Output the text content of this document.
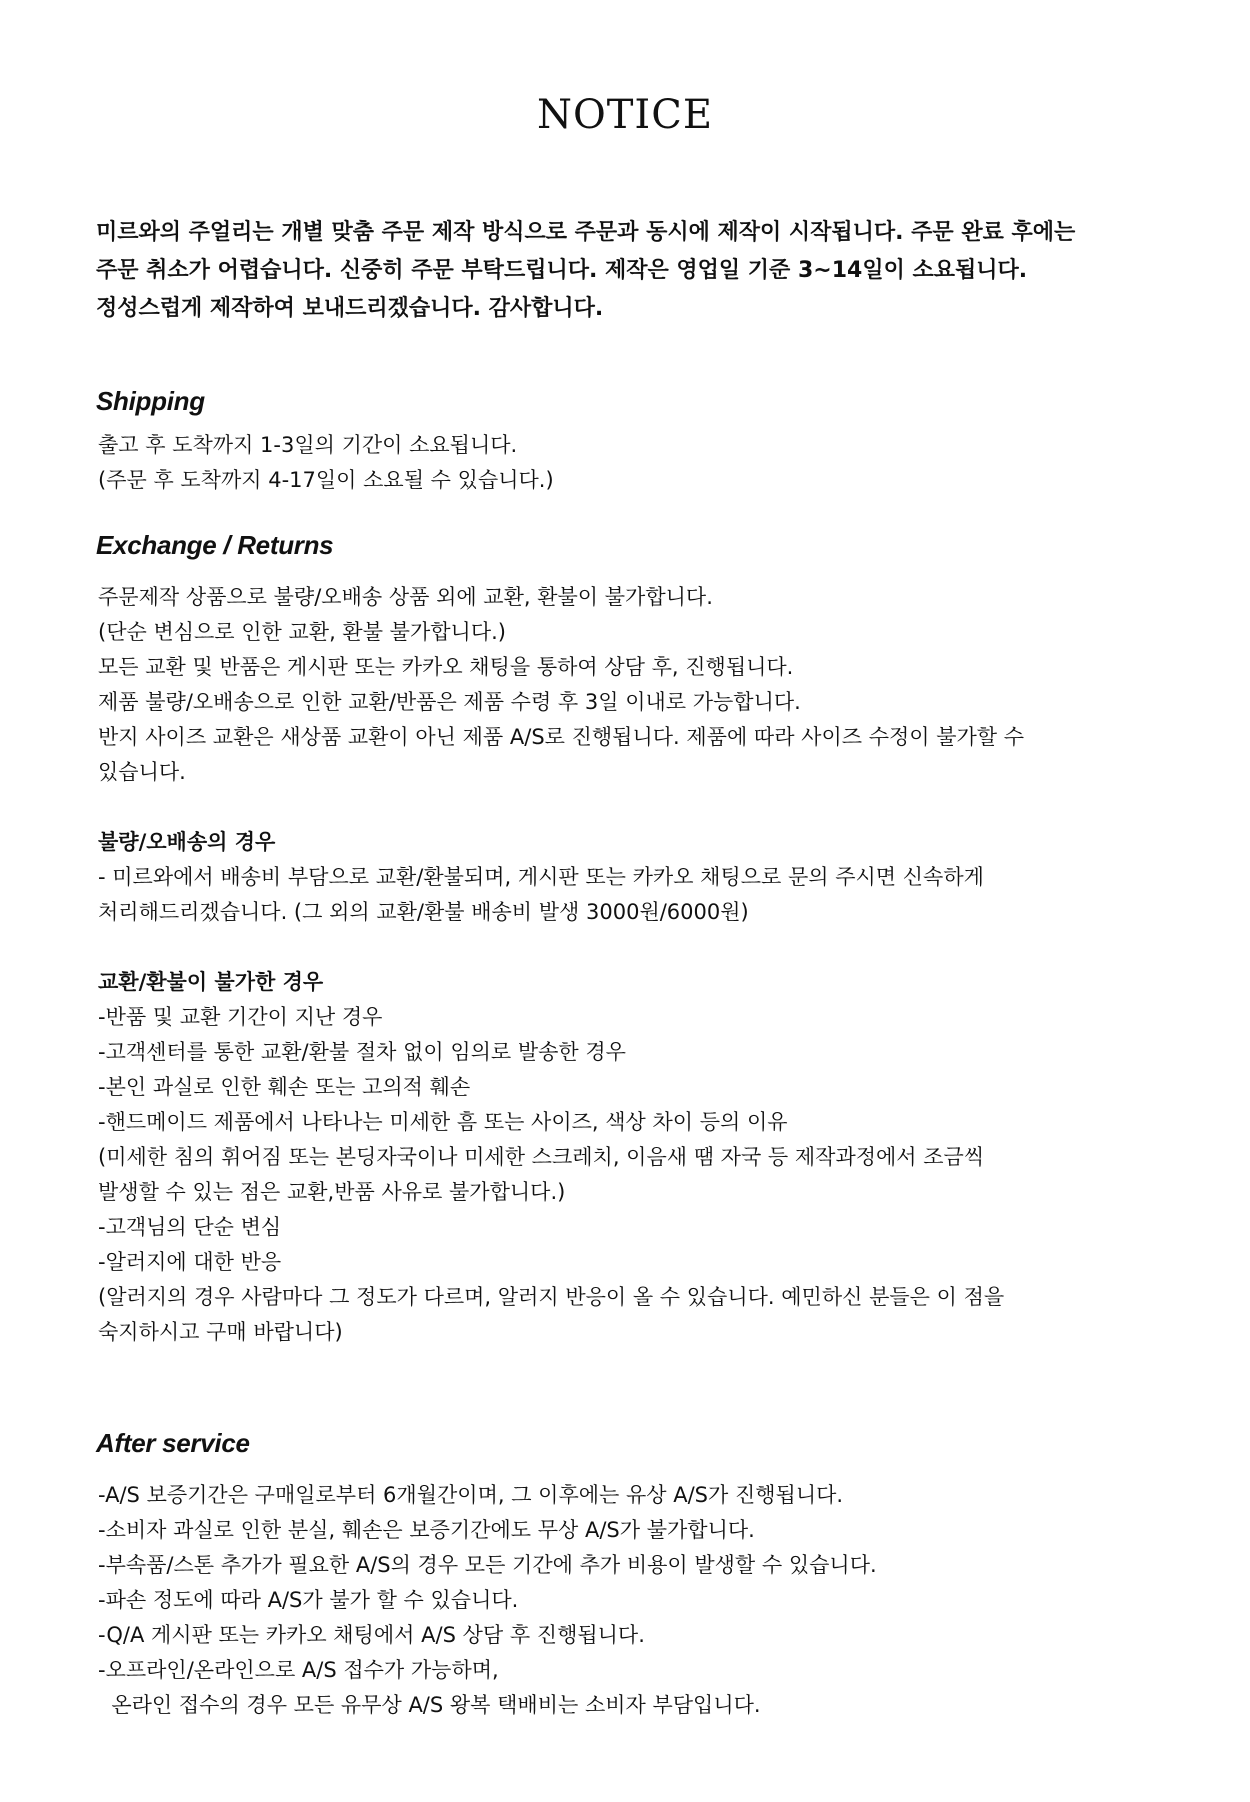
NOTICE
미르와의 주얼리는 개별 맞춤 주문 제작 방식으로 주문과 동시에 제작이 시작됩니다. 주문 완료 후에는
주문 취소가 어렵습니다. 신중히 주문 부탁드립니다. 제작은 영업일 기준 3~14일이 소요됩니다.
정성스럽게 제작하여 보내드리겠습니다. 감사합니다.
Shipping
출고 후 도착까지 1-3일의 기간이 소요됩니다.
(주문 후 도착까지 4-17일이 소요될 수 있습니다.)
Exchange / Returns
주문제작 상품으로 불량/오배송 상품 외에 교환, 환불이 불가합니다.
(단순 변심으로 인한 교환, 환불 불가합니다.)
모든 교환 및 반품은 게시판 또는 카카오 채팅을 통하여 상담 후, 진행됩니다.
제품 불량/오배송으로 인한 교환/반품은 제품 수령 후 3일 이내로 가능합니다.
반지 사이즈 교환은 새상품 교환이 아닌 제품 A/S로 진행됩니다. 제품에 따라 사이즈 수정이 불가할 수
있습니다.
불량/오배송의 경우
- 미르와에서 배송비 부담으로 교환/환불되며, 게시판 또는 카카오 채팅으로 문의 주시면 신속하게
처리해드리겠습니다. (그 외의 교환/환불 배송비 발생 3000원/6000원)
교환/환불이 불가한 경우
-반품 및 교환 기간이 지난 경우
-고객센터를 통한 교환/환불 절차 없이 임의로 발송한 경우
-본인 과실로 인한 훼손 또는 고의적 훼손
-핸드메이드 제품에서 나타나는 미세한 흠 또는 사이즈, 색상 차이 등의 이유
(미세한 침의 휘어짐 또는 본딩자국이나 미세한 스크레치, 이음새 땜 자국 등 제작과정에서 조금씩
발생할 수 있는 점은 교환,반품 사유로 불가합니다.)
-고객님의 단순 변심
-알러지에 대한 반응
(알러지의 경우 사람마다 그 정도가 다르며, 알러지 반응이 올 수 있습니다. 예민하신 분들은 이 점을
숙지하시고 구매 바랍니다)
After service
-A/S 보증기간은 구매일로부터 6개월간이며, 그 이후에는 유상 A/S가 진행됩니다.
-소비자 과실로 인한 분실, 훼손은 보증기간에도 무상 A/S가 불가합니다.
-부속품/스톤 추가가 필요한 A/S의 경우 모든 기간에 추가 비용이 발생할 수 있습니다.
-파손 정도에 따라 A/S가 불가 할 수 있습니다.
-Q/A 게시판 또는 카카오 채팅에서 A/S 상담 후 진행됩니다.
-오프라인/온라인으로 A/S 접수가 가능하며,
온라인 접수의 경우 모든 유무상 A/S 왕복 택배비는 소비자 부담입니다.
